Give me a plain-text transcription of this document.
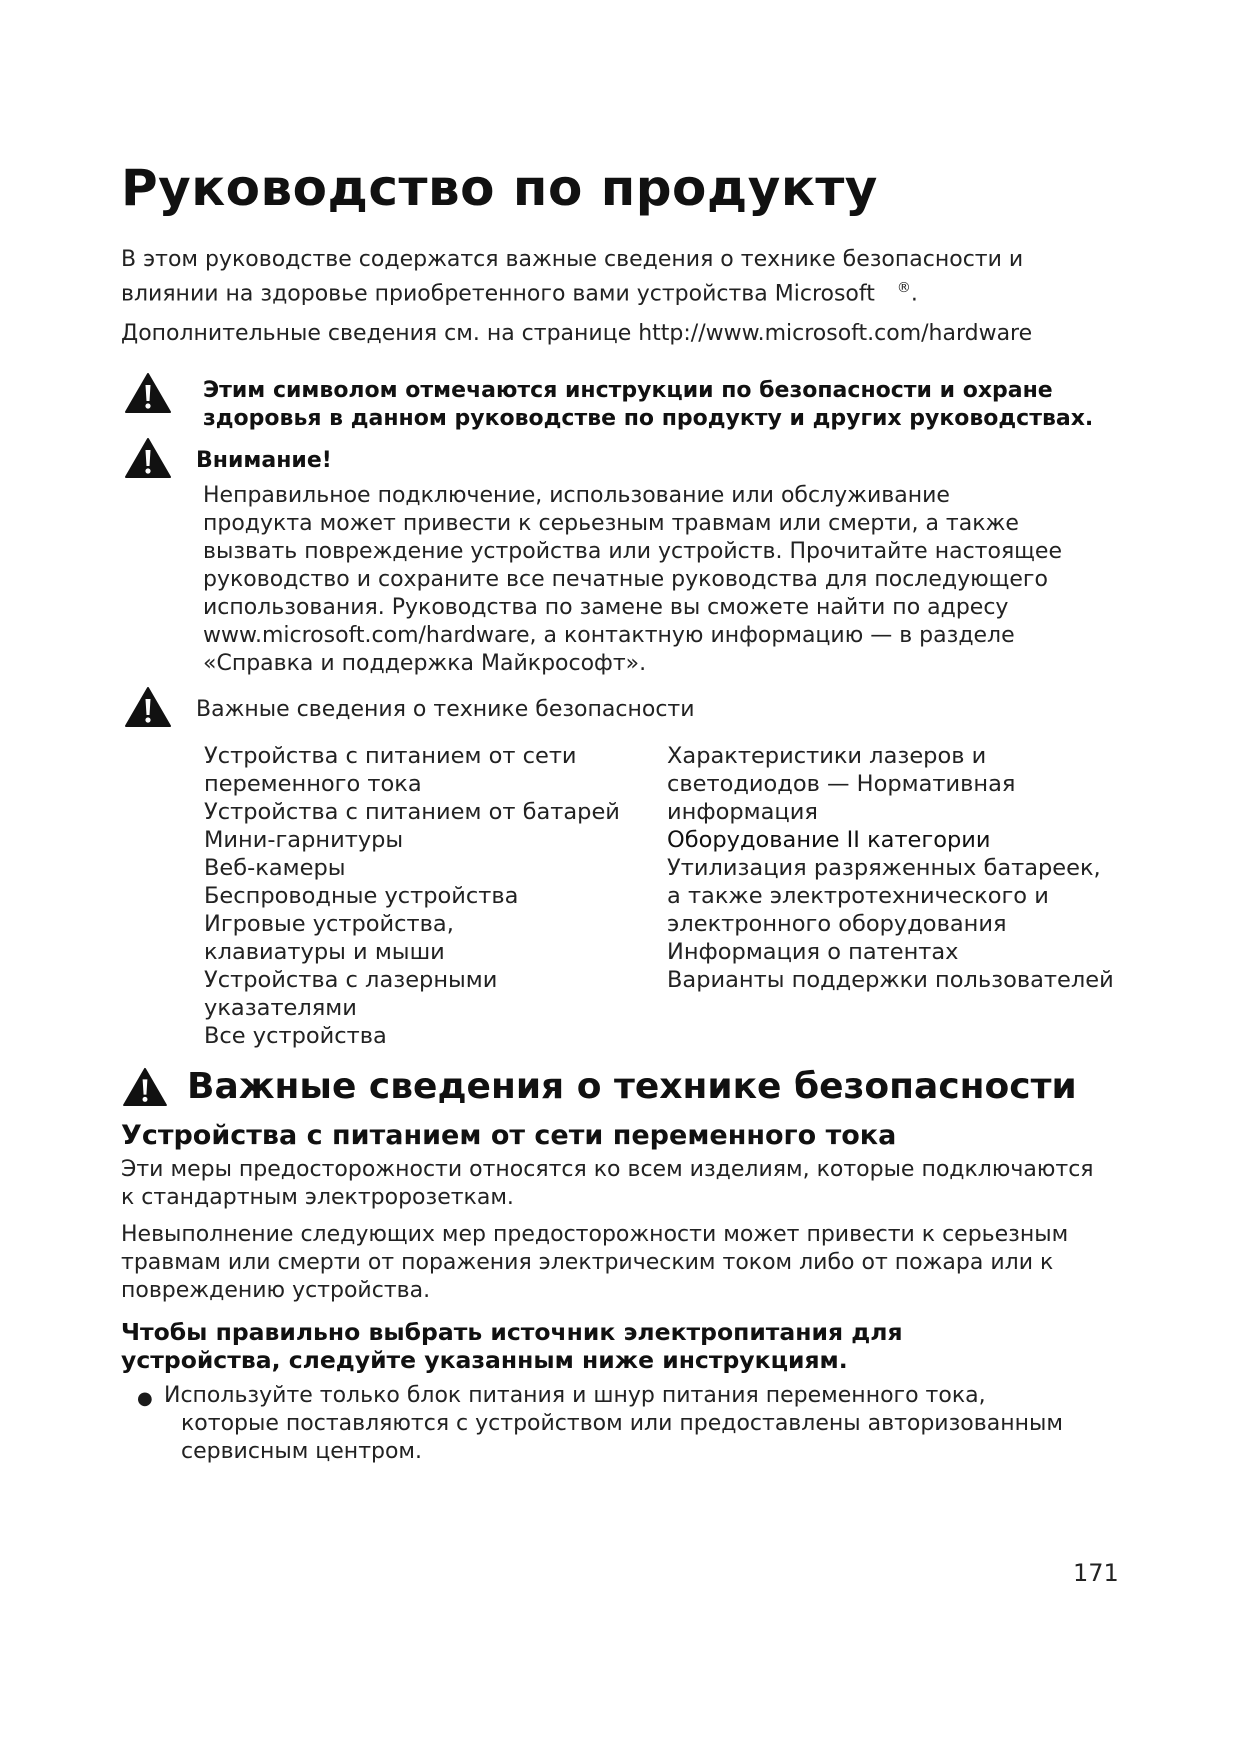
Руководство по продукту
В этом руководстве содержатся важные сведения о технике безопасности и
влиянии на здоровье приобретенного вами устройства Microsoft ®.
Дополнительные сведения см. на странице http://www.microsoft.com/hardware
Этим символом отмечаются инструкции по безопасности и охране
здоровья в данном руководстве по продукту и других руководствах.
Внимание!
Неправильное подключение, использование или обслуживание
продукта может привести к серьезным травмам или смерти, а также
вызвать повреждение устройства или устройств. Прочитайте настоящее
руководство и сохраните все печатные руководства для последующего
использования. Руководства по замене вы сможете найти по адресу
www.microsoft.com/hardware, а контактную информацию — в разделе
«Справка и поддержка Майкрософт».
Важные сведения о технике безопасности
Устройства с питанием от сети
переменного тока
Устройства с питанием от батарей
Мини-гарнитуры
Веб-камеры
Беспроводные устройства
Игровые устройства,
клавиатуры и мыши
Устройства с лазерными
указателями
Все устройства
Характеристики лазеров и
светодиодов — Нормативная
информация
Оборудование II категории
Утилизация разряженных батареек,
а также электротехнического и
электронного оборудования
Информация о патентах
Варианты поддержки пользователей
Важные сведения о технике безопасности
Устройства с питанием от сети переменного тока
Эти меры предосторожности относятся ко всем изделиям, которые подключаются
к стандартным электророзеткам.
Невыполнение следующих мер предосторожности может привести к серьезным
травмам или смерти от поражения электрическим током либо от пожара или к
повреждению устройства.
Чтобы правильно выбрать источник электропитания для
устройства, следуйте указанным ниже инструкциям.
● Используйте только блок питания и шнур питания переменного тока,
которые поставляются с устройством или предоставлены авторизованным
сервисным центром.
171
